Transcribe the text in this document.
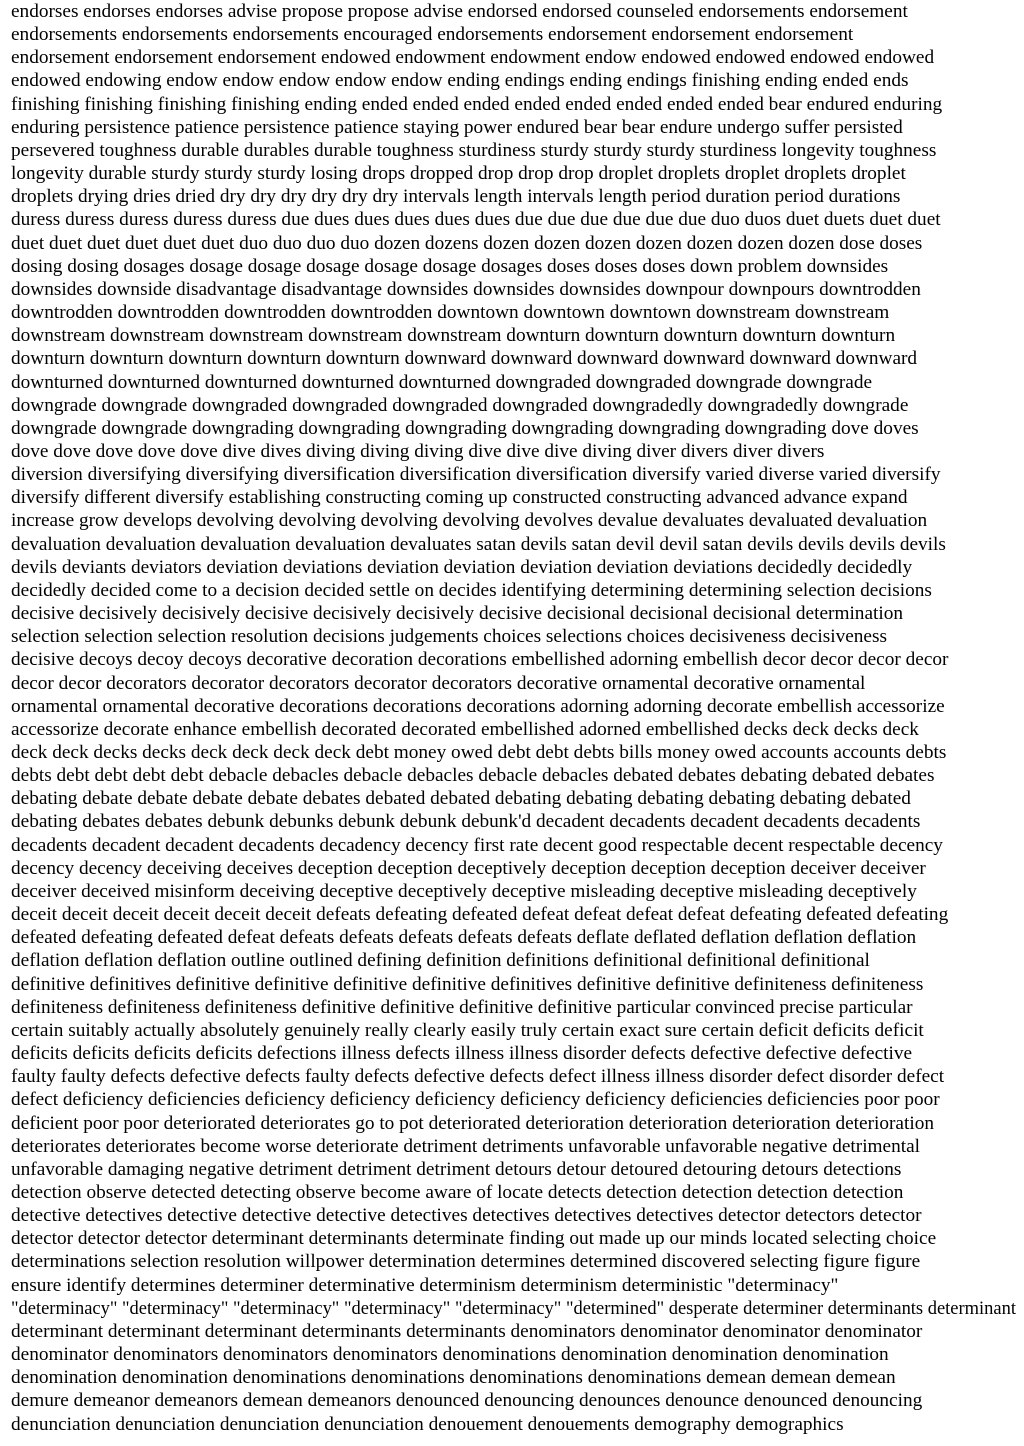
endorses endorses endorses advise propose propose advise endorsed endorsed counseled endorsements endorsement
endorsements endorsements endorsements encouraged endorsements endorsement endorsement endorsement
endorsement endorsement endorsement endowed endowment endowment endow endowed endowed endowed endowed
endowed endowing endow endow endow endow endow ending endings ending endings finishing ending ended ends
finishing finishing finishing finishing ending ended ended ended ended ended ended ended ended bear endured enduring
enduring persistence patience persistence patience staying power endured bear bear endure undergo suffer persisted
persevered toughness durable durables durable toughness sturdiness sturdy sturdy sturdy sturdiness longevity toughness
longevity durable sturdy sturdy sturdy losing drops dropped drop drop drop droplet droplets droplet droplets droplet
droplets drying dries dried dry dry dry dry dry dry intervals length intervals length period duration period durations
duress duress duress duress duress due dues dues dues dues dues due due due due due due duo duos duet duets duet duet
duet duet duet duet duet duet duo duo duo duo dozen dozens dozen dozen dozen dozen dozen dozen dozen dose doses
dosing dosing dosages dosage dosage dosage dosage dosage dosages doses doses doses down problem downsides
downsides downside disadvantage disadvantage downsides downsides downsides downpour downpours downtrodden
downtrodden downtrodden downtrodden downtrodden downtown downtown downtown downstream downstream
downstream downstream downstream downstream downstream downturn downturn downturn downturn downturn
downturn downturn downturn downturn downturn downward downward downward downward downward downward
downturned downturned downturned downturned downturned downgraded downgraded downgrade downgrade
downgrade downgrade downgraded downgraded downgraded downgraded downgradedly downgradedly downgrade
downgrade downgrade downgrading downgrading downgrading downgrading downgrading downgrading dove doves
dove dove dove dove dove dive dives diving diving diving dive dive dive diving diver divers diver divers
diversion diversifying diversifying diversification diversification diversification diversify varied diverse varied diversify
diversify different diversify establishing constructing coming up constructed constructing advanced advance expand
increase grow develops devolving devolving devolving devolving devolves devalue devaluates devaluated devaluation
devaluation devaluation devaluation devaluation devaluates satan devils satan devil devil satan devils devils devils devils
devils deviants deviators deviation deviations deviation deviation deviation deviation deviations decidedly decidedly
decidedly decided come to a decision decided settle on decides identifying determining determining selection decisions
decisive decisively decisively decisive decisively decisively decisive decisional decisional decisional determination
selection selection selection resolution decisions judgements choices selections choices decisiveness decisiveness
decisive decoys decoy decoys decorative decoration decorations embellished adorning embellish decor decor decor decor
decor decor decorators decorator decorators decorator decorators decorative ornamental decorative ornamental
ornamental ornamental decorative decorations decorations decorations adorning adorning decorate embellish accessorize
accessorize decorate enhance embellish decorated decorated embellished adorned embellished decks deck decks deck
deck deck decks decks deck deck deck deck debt money owed debt debt debts bills money owed accounts accounts debts
debts debt debt debt debt debacle debacles debacle debacles debacle debacles debated debates debating debated debates
debating debate debate debate debate debates debated debated debating debating debating debating debating debated
debating debates debates debunk debunks debunk debunk debunk'd decadent decadents decadent decadents decadents
decadents decadent decadent decadents decadency decency first rate decent good respectable decent respectable decency
decency decency deceiving deceives deception deception deceptively deception deception deception deceiver deceiver
deceiver deceived misinform deceiving deceptive deceptively deceptive misleading deceptive misleading deceptively
deceit deceit deceit deceit deceit deceit defeats defeating defeated defeat defeat defeat defeat defeating defeated defeating
defeated defeating defeated defeat defeats defeats defeats defeats defeats deflate deflated deflation deflation deflation
deflation deflation deflation outline outlined defining definition definitions definitional definitional definitional
definitive definitives definitive definitive definitive definitive definitives definitive definitive definiteness definiteness
definiteness definiteness definiteness definitive definitive definitive definitive particular convinced precise particular
certain suitably actually absolutely genuinely really clearly easily truly certain exact sure certain deficit deficits deficit
deficits deficits deficits deficits defections illness defects illness illness disorder defects defective defective defective
faulty faulty defects defective defects faulty defects defective defects defect illness illness disorder defect disorder defect
defect deficiency deficiencies deficiency deficiency deficiency deficiency deficiency deficiencies deficiencies poor poor
deficient poor poor deteriorated deteriorates go to pot deteriorated deterioration deterioration deterioration deterioration
deteriorates deteriorates become worse deteriorate detriment detriments unfavorable unfavorable negative detrimental
unfavorable damaging negative detriment detriment detriment detours detour detoured detouring detours detections
detection observe detected detecting observe become aware of locate detects detection detection detection detection
detective detectives detective detective detective detectives detectives detectives detectives detector detectors detector
detector detector detector determinant determinants determinate finding out made up our minds located selecting choice
determinations selection resolution willpower determination determines determined discovered selecting figure figure
ensure identify determines determiner determinative determinism determinism deterministic "determinacy"
"determinacy" "determinacy" "determinacy" "determinacy" "determinacy" "determined" desperate determiner determinants determinant
determinant determinant determinant determinants determinants denominators denominator denominator denominator
denominator denominators denominators denominators denominations denomination denomination denomination
denomination denomination denominations denominations denominations denominations demean demean demean
demure demeanor demeanors demean demeanors denounced denouncing denounces denounce denounced denouncing
denunciation denunciation denunciation denunciation denouement denouements demography demographics
